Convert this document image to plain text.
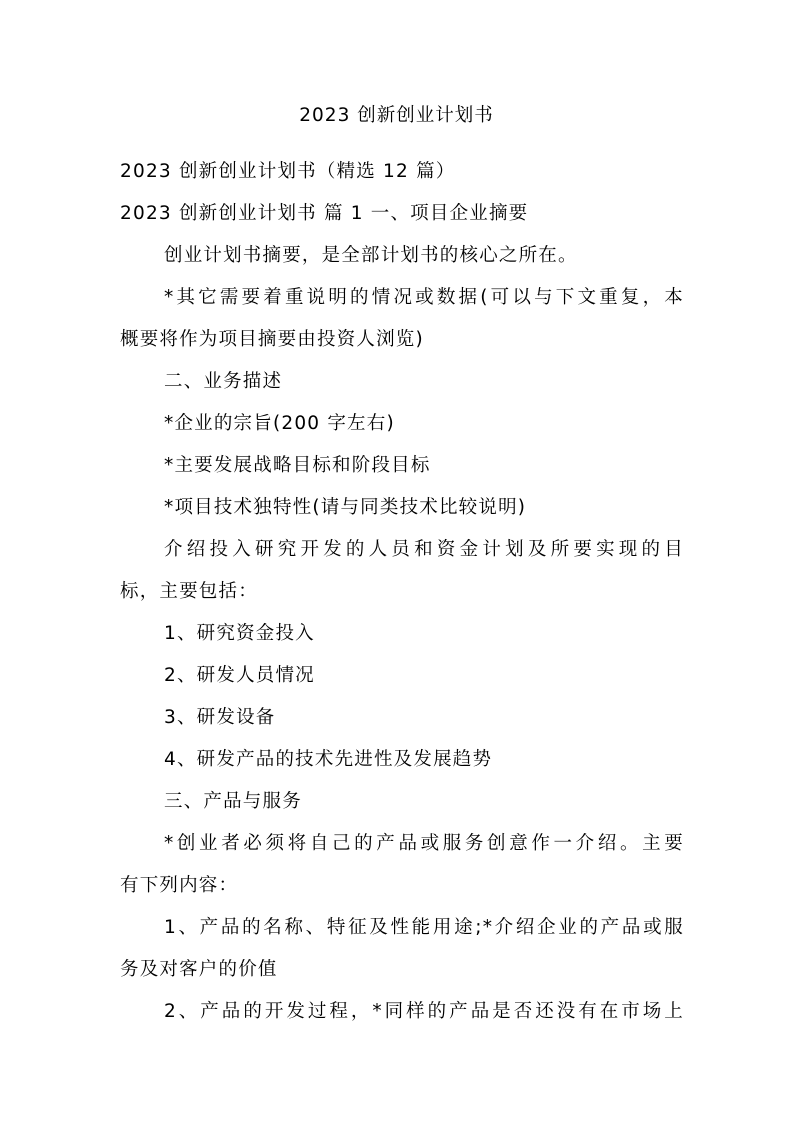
2023 创新创业计划书
2023 创新创业计划书（精选 12 篇）
2023 创新创业计划书 篇 1 一、项目企业摘要
创业计划书摘要，是全部计划书的核心之所在。
*其它需要着重说明的情况或数据(可以与下文重复，本
概要将作为项目摘要由投资人浏览)
二、业务描述
*企业的宗旨(200 字左右)
*主要发展战略目标和阶段目标
*项目技术独特性(请与同类技术比较说明)
介绍投入研究开发的人员和资金计划及所要实现的目
标，主要包括：
1、研究资金投入
2、研发人员情况
3、研发设备
4、研发产品的技术先进性及发展趋势
三、产品与服务
*创业者必须将自己的产品或服务创意作一介绍。主要
有下列内容：
1、产品的名称、特征及性能用途;*介绍企业的产品或服
务及对客户的价值
2、产品的开发过程，*同样的产品是否还没有在市场上
